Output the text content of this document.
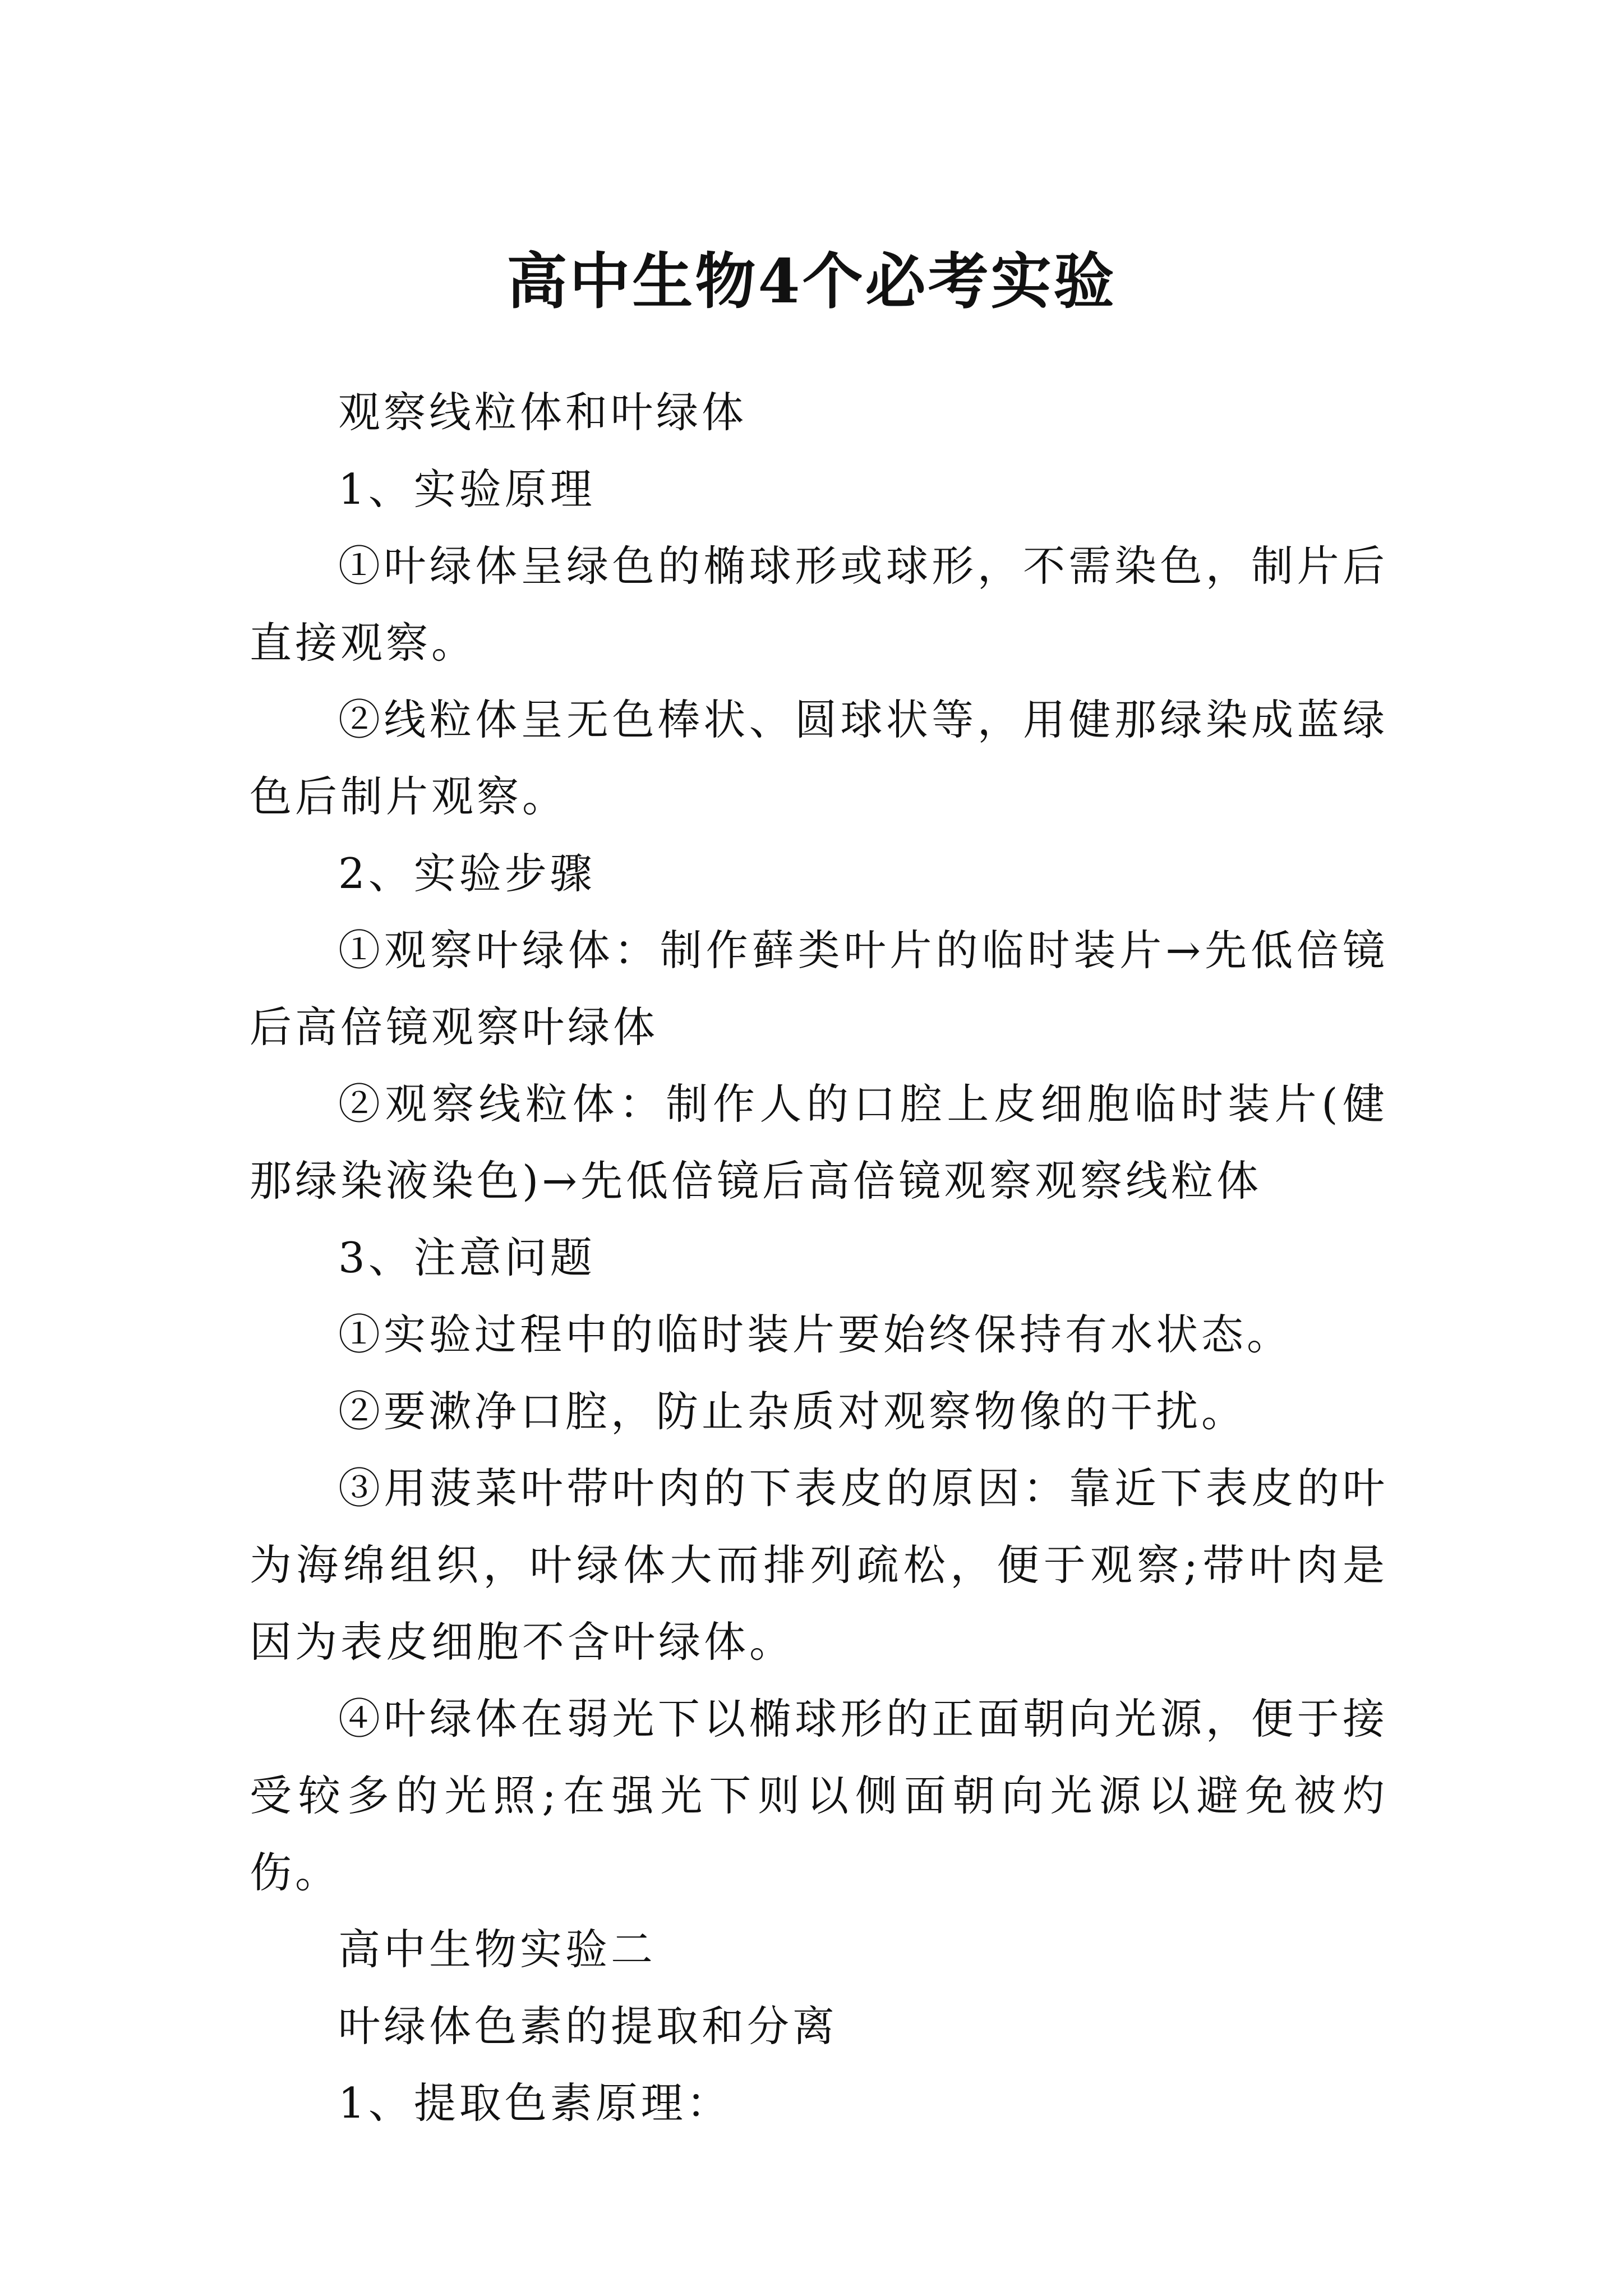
高中生物4个必考实验

观察线粒体和叶绿体

1、实验原理

①叶绿体呈绿色的椭球形或球形，不需染色，制片后直接观察。

②线粒体呈无色棒状、圆球状等，用健那绿染成蓝绿色后制片观察。

2、实验步骤

①观察叶绿体：制作藓类叶片的临时装片→先低倍镜后高倍镜观察叶绿体

②观察线粒体：制作人的口腔上皮细胞临时装片(健那绿染液染色)→先低倍镜后高倍镜观察观察线粒体

3、注意问题

①实验过程中的临时装片要始终保持有水状态。

②要漱净口腔，防止杂质对观察物像的干扰。

③用菠菜叶带叶肉的下表皮的原因：靠近下表皮的叶为海绵组织，叶绿体大而排列疏松，便于观察;带叶肉是因为表皮细胞不含叶绿体。

④叶绿体在弱光下以椭球形的正面朝向光源，便于接受较多的光照;在强光下则以侧面朝向光源以避免被灼伤。

高中生物实验二

叶绿体色素的提取和分离

1、提取色素原理：
